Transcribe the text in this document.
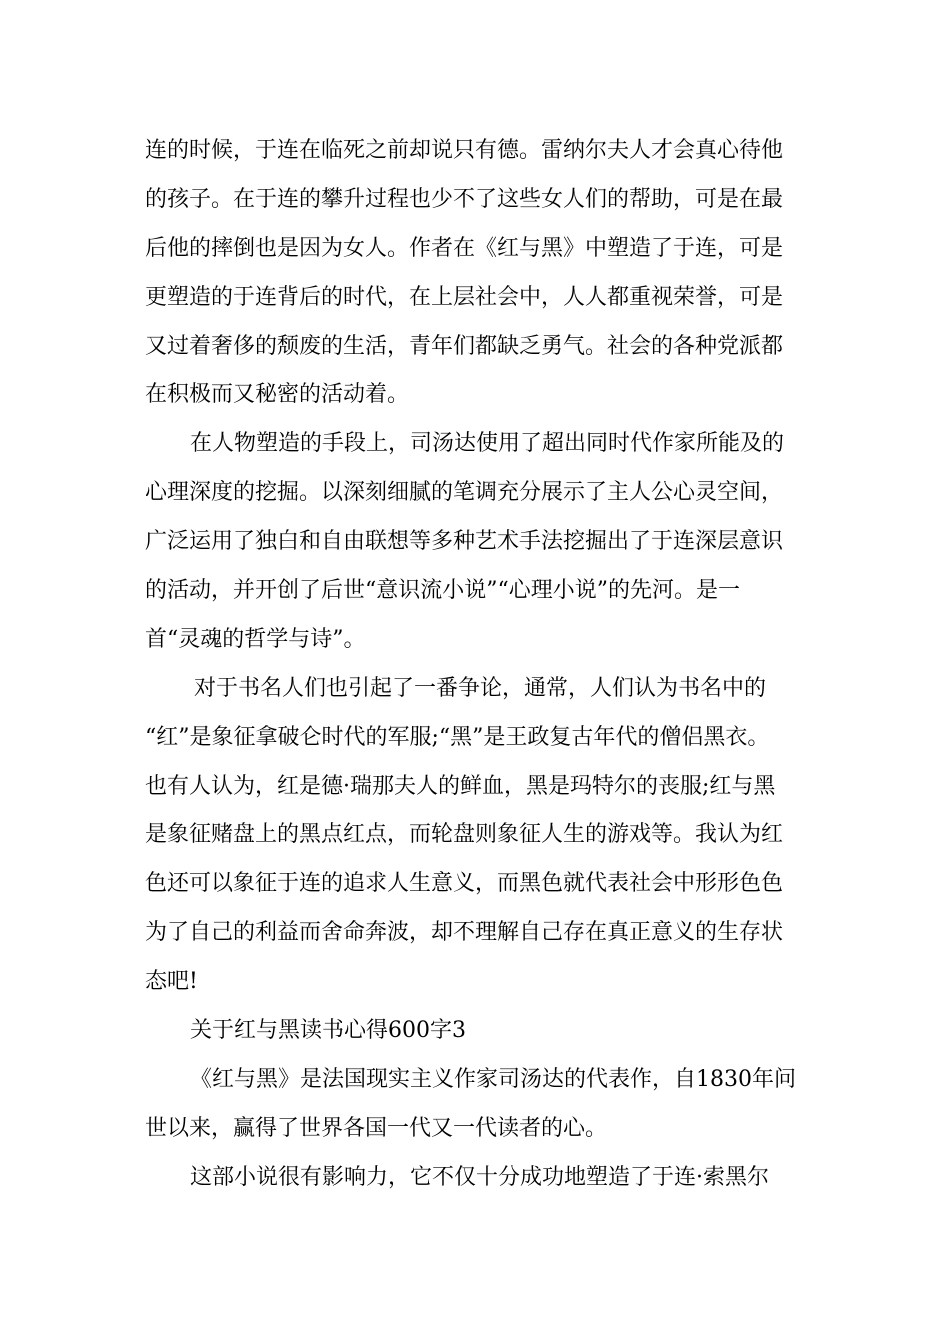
连的时候，于连在临死之前却说只有德。雷纳尔夫人才会真心待他
的孩子。在于连的攀升过程也少不了这些女人们的帮助，可是在最
后他的摔倒也是因为女人。作者在《红与黑》中塑造了于连，可是
更塑造的于连背后的时代，在上层社会中，人人都重视荣誉，可是
又过着奢侈的颓废的生活，青年们都缺乏勇气。社会的各种党派都
在积极而又秘密的活动着。
在人物塑造的手段上，司汤达使用了超出同时代作家所能及的
心理深度的挖掘。以深刻细腻的笔调充分展示了主人公心灵空间，
广泛运用了独白和自由联想等多种艺术手法挖掘出了于连深层意识
的活动，并开创了后世“意识流小说”“心理小说”的先河。是一
首“灵魂的哲学与诗”。
对于书名人们也引起了一番争论，通常，人们认为书名中的
“红”是象征拿破仑时代的军服;“黑”是王政复古年代的僧侣黑衣。
也有人认为，红是德·瑞那夫人的鲜血，黑是玛特尔的丧服;红与黑
是象征赌盘上的黑点红点，而轮盘则象征人生的游戏等。我认为红
色还可以象征于连的追求人生意义，而黑色就代表社会中形形色色
为了自己的利益而舍命奔波，却不理解自己存在真正意义的生存状
态吧!
关于红与黑读书心得600字3
《红与黑》是法国现实主义作家司汤达的代表作，自1830年问
世以来，赢得了世界各国一代又一代读者的心。
这部小说很有影响力，它不仅十分成功地塑造了于连·索黑尔
